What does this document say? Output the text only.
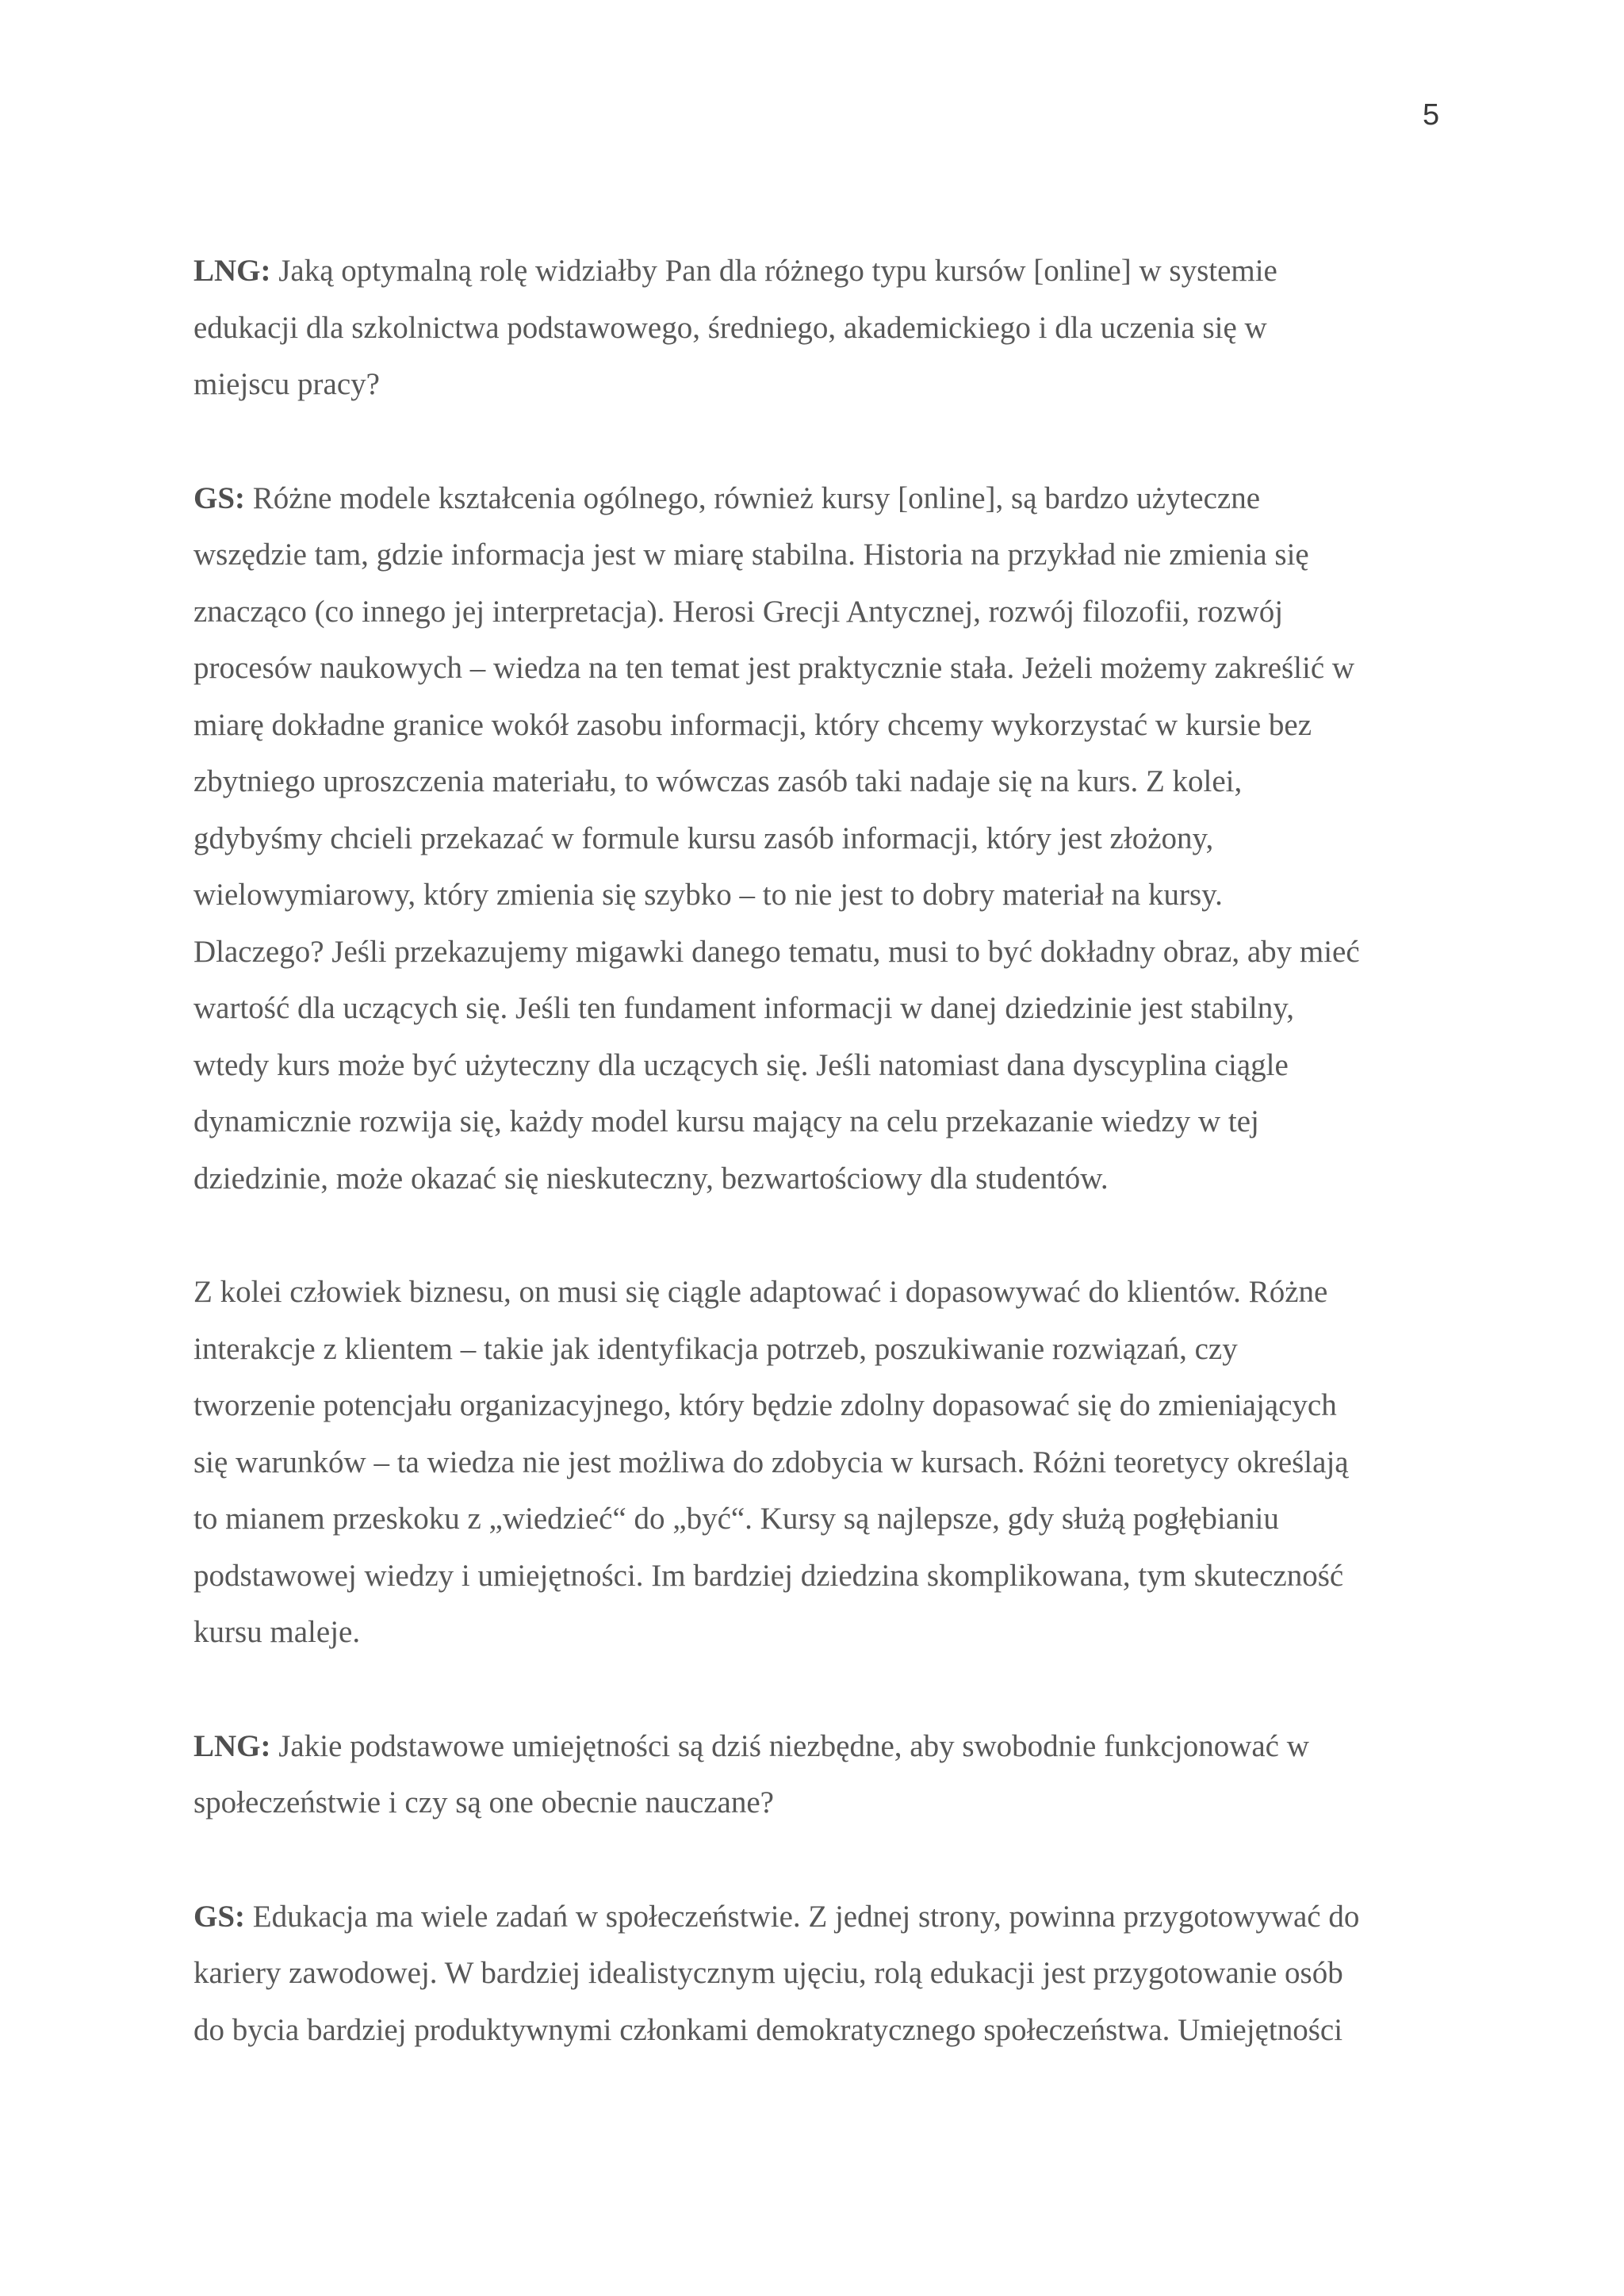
5

LNG: Jaką optymalną rolę widziałby Pan dla różnego typu kursów [online] w systemie
edukacji dla szkolnictwa podstawowego, średniego, akademickiego i dla uczenia się w
miejscu pracy?

GS: Różne modele kształcenia ogólnego, również kursy [online], są bardzo użyteczne
wszędzie tam, gdzie informacja jest w miarę stabilna. Historia na przykład nie zmienia się
znacząco (co innego jej interpretacja). Herosi Grecji Antycznej, rozwój filozofii, rozwój
procesów naukowych – wiedza na ten temat jest praktycznie stała. Jeżeli możemy zakreślić w
miarę dokładne granice wokół zasobu informacji, który chcemy wykorzystać w kursie bez
zbytniego uproszczenia materiału, to wówczas zasób taki nadaje się na kurs. Z kolei,
gdybyśmy chcieli przekazać w formule kursu zasób informacji, który jest złożony,
wielowymiarowy, który zmienia się szybko – to nie jest to dobry materiał na kursy.
Dlaczego? Jeśli przekazujemy migawki danego tematu, musi to być dokładny obraz, aby mieć
wartość dla uczących się. Jeśli ten fundament informacji w danej dziedzinie jest stabilny,
wtedy kurs może być użyteczny dla uczących się. Jeśli natomiast dana dyscyplina ciągle
dynamicznie rozwija się, każdy model kursu mający na celu przekazanie wiedzy w tej
dziedzinie, może okazać się nieskuteczny, bezwartościowy dla studentów.

Z kolei człowiek biznesu, on musi się ciągle adaptować i dopasowywać do klientów. Różne
interakcje z klientem – takie jak identyfikacja potrzeb, poszukiwanie rozwiązań, czy
tworzenie potencjału organizacyjnego, który będzie zdolny dopasować się do zmieniających
się warunków – ta wiedza nie jest możliwa do zdobycia w kursach. Różni teoretycy określają
to mianem przeskoku z „wiedzieć“ do „być“. Kursy są najlepsze, gdy służą pogłębianiu
podstawowej wiedzy i umiejętności. Im bardziej dziedzina skomplikowana, tym skuteczność
kursu maleje.

LNG: Jakie podstawowe umiejętności są dziś niezbędne, aby swobodnie funkcjonować w
społeczeństwie i czy są one obecnie nauczane?

GS: Edukacja ma wiele zadań w społeczeństwie. Z jednej strony, powinna przygotowywać do
kariery zawodowej. W bardziej idealistycznym ujęciu, rolą edukacji jest przygotowanie osób
do bycia bardziej produktywnymi członkami demokratycznego społeczeństwa. Umiejętności
